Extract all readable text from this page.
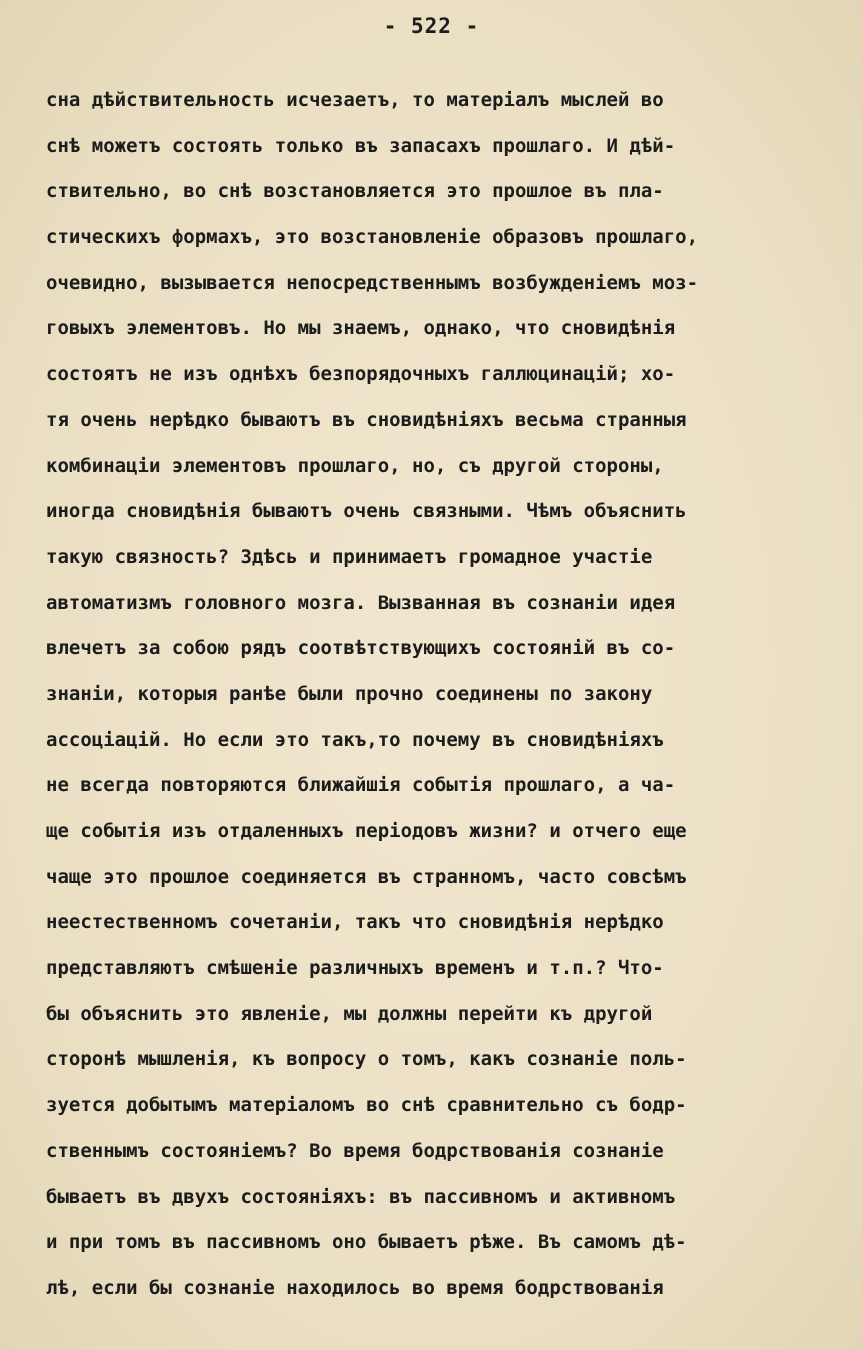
- 522 -
сна дѣйствительность исчезаетъ, то матеріалъ мыслей во
снѣ можетъ состоять только въ запасахъ прошлаго. И дѣй-
ствительно, во снѣ возстановляется это прошлое въ пла-
стическихъ формахъ, это возстановленіе образовъ прошлаго,
очевидно, вызывается непосредственнымъ возбужденіемъ моз-
говыхъ элементовъ. Но мы знаемъ, однако, что сновидѣнія
состоятъ не изъ однѣхъ безпорядочныхъ галлюцинацій; хо-
тя очень нерѣдко бываютъ въ сновидѣніяхъ весьма странныя
комбинаціи элементовъ прошлаго, но, съ другой стороны,
иногда сновидѣнія бываютъ очень связными. Чѣмъ объяснить
такую связность? Здѣсь и принимаетъ громадное участіе
автоматизмъ головного мозга. Вызванная въ сознаніи идея
влечетъ за собою рядъ соотвѣтствующихъ состояній въ со-
знаніи, которыя ранѣе были прочно соединены по закону
ассоціацій. Но если это такъ,то почему въ сновидѣніяхъ
не всегда повторяются ближайшія событія прошлаго, а ча-
ще событія изъ отдаленныхъ періодовъ жизни? и отчего еще
чаще это прошлое соединяется въ странномъ, часто совсѣмъ
неестественномъ сочетаніи, такъ что сновидѣнія нерѣдко
представляютъ смѣшеніе различныхъ временъ и т.п.? Что-
бы объяснить это явленіе, мы должны перейти къ другой
сторонѣ мышленія, къ вопросу о томъ, какъ сознаніе поль-
зуется добытымъ матеріаломъ во снѣ сравнительно съ бодр-
ственнымъ состояніемъ? Во время бодрствованія сознаніе
бываетъ въ двухъ состояніяхъ: въ пассивномъ и активномъ
и при томъ въ пассивномъ оно бываетъ рѣже. Въ самомъ дѣ-
лѣ, если бы сознаніе находилось во время бодрствованія
